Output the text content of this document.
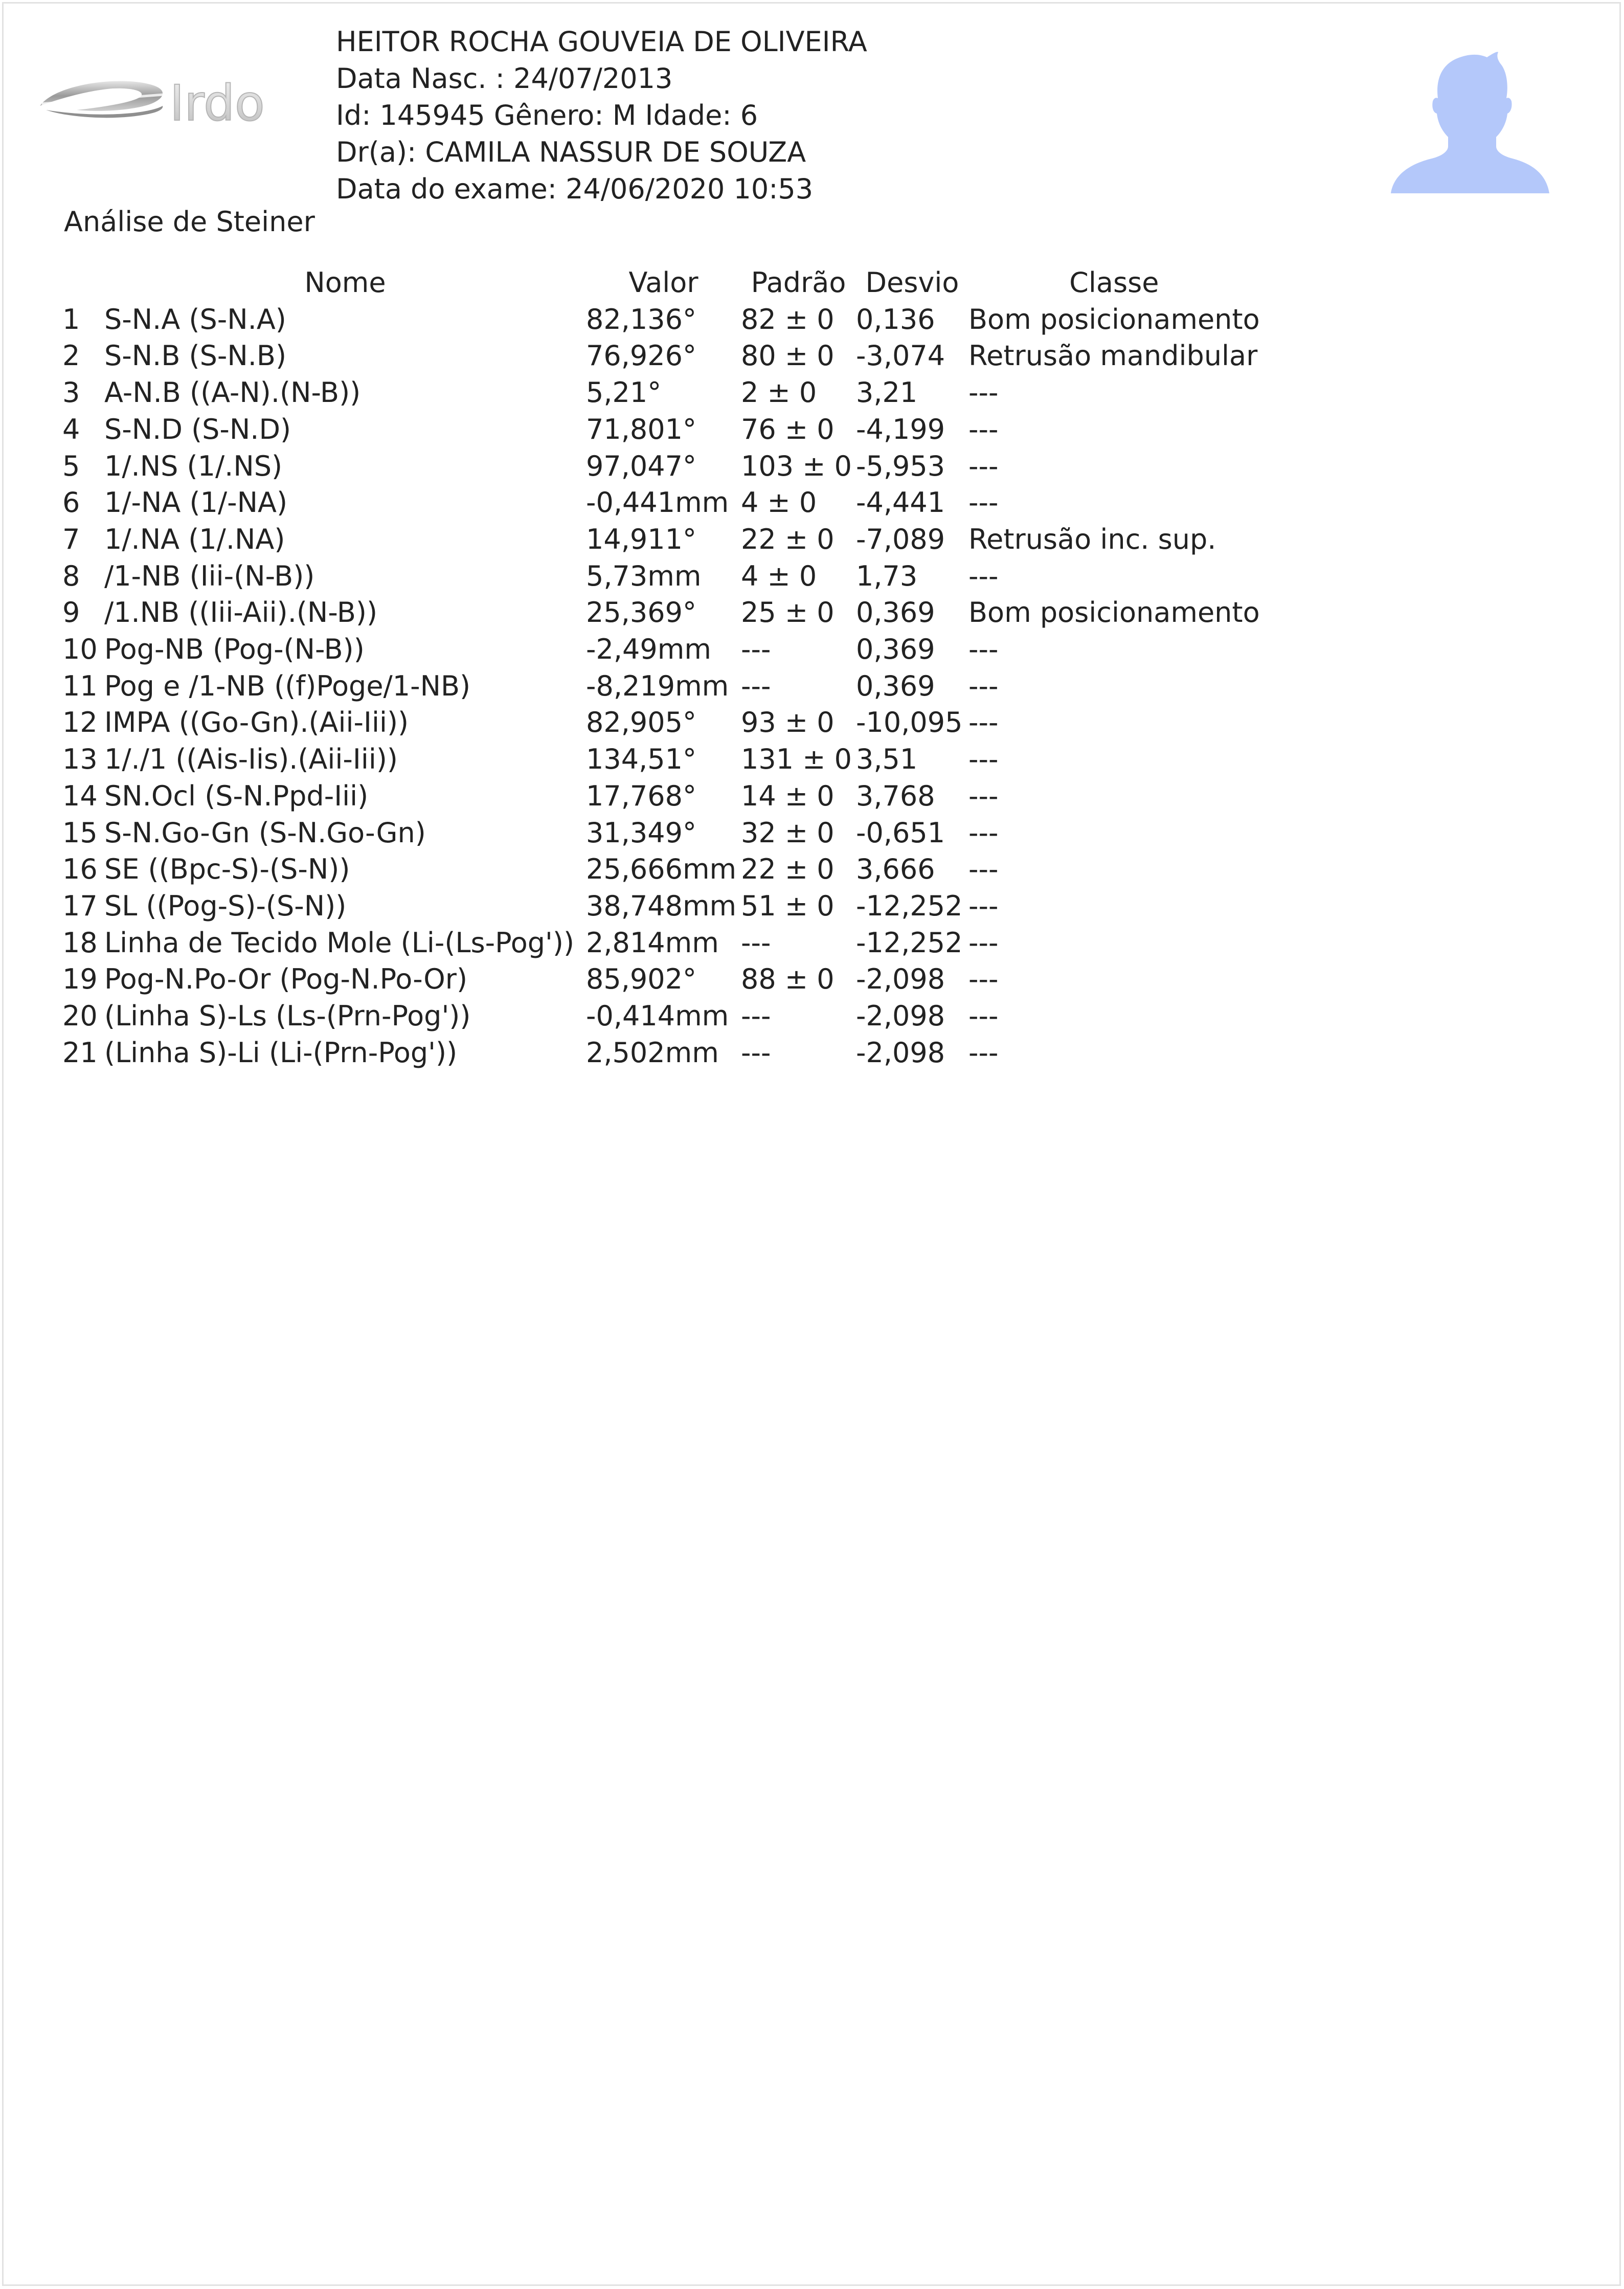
Irdo
HEITOR ROCHA GOUVEIA DE OLIVEIRA
Data Nasc. : 24/07/2013
Id: 145945 Gênero: M Idade: 6
Dr(a): CAMILA NASSUR DE SOUZA
Data do exame: 24/06/2020 10:53
Análise de Steiner
	Nome	Valor	Padrão	Desvio	Classe
1	S-N.A (S-N.A)	82,136°	82 ± 0	0,136	Bom posicionamento
2	S-N.B (S-N.B)	76,926°	80 ± 0	-3,074	Retrusão mandibular
3	A-N.B ((A-N).(N-B))	5,21°	2 ± 0	3,21	---
4	S-N.D (S-N.D)	71,801°	76 ± 0	-4,199	---
5	1/.NS (1/.NS)	97,047°	103 ± 0	-5,953	---
6	1/-NA (1/-NA)	-0,441mm	4 ± 0	-4,441	---
7	1/.NA (1/.NA)	14,911°	22 ± 0	-7,089	Retrusão inc. sup.
8	/1-NB (Iii-(N-B))	5,73mm	4 ± 0	1,73	---
9	/1.NB ((Iii-Aii).(N-B))	25,369°	25 ± 0	0,369	Bom posicionamento
10	Pog-NB (Pog-(N-B))	-2,49mm	---	0,369	---
11	Pog e /1-NB ((f)Poge/1-NB)	-8,219mm	---	0,369	---
12	IMPA ((Go-Gn).(Aii-Iii))	82,905°	93 ± 0	-10,095	---
13	1/./1 ((Ais-Iis).(Aii-Iii))	134,51°	131 ± 0	3,51	---
14	SN.Ocl (S-N.Ppd-Iii)	17,768°	14 ± 0	3,768	---
15	S-N.Go-Gn (S-N.Go-Gn)	31,349°	32 ± 0	-0,651	---
16	SE ((Bpc-S)-(S-N))	25,666mm	22 ± 0	3,666	---
17	SL ((Pog-S)-(S-N))	38,748mm	51 ± 0	-12,252	---
18	Linha de Tecido Mole (Li-(Ls-Pog'))	2,814mm	---	-12,252	---
19	Pog-N.Po-Or (Pog-N.Po-Or)	85,902°	88 ± 0	-2,098	---
20	(Linha S)-Ls (Ls-(Prn-Pog'))	-0,414mm	---	-2,098	---
21	(Linha S)-Li (Li-(Prn-Pog'))	2,502mm	---	-2,098	---
